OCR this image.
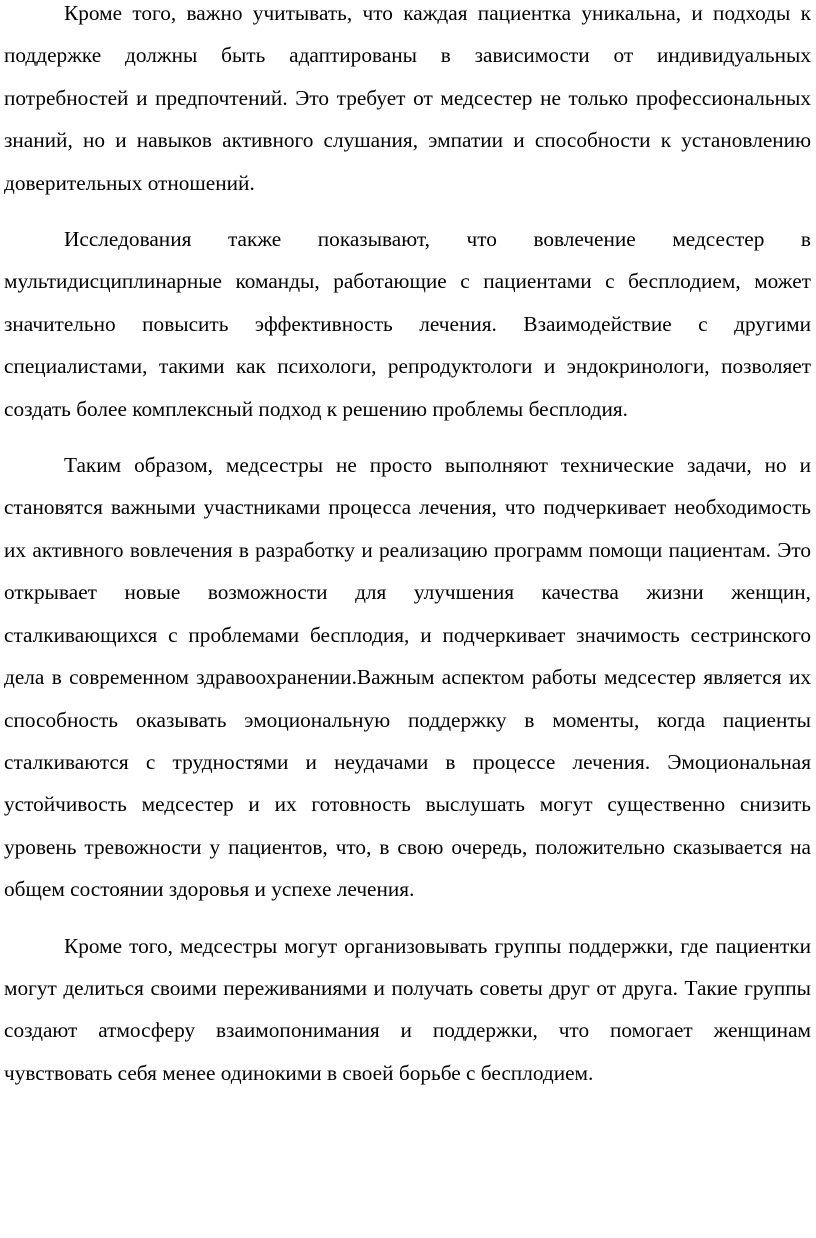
Кроме того, важно учитывать, что каждая пациентка уникальна, и подходы к поддержке должны быть адаптированы в зависимости от индивидуальных потребностей и предпочтений. Это требует от медсестер не только профессиональных знаний, но и навыков активного слушания, эмпатии и способности к установлению доверительных отношений.

Исследования также показывают, что вовлечение медсестер в мультидисциплинарные команды, работающие с пациентами с бесплодием, может значительно повысить эффективность лечения. Взаимодействие с другими специалистами, такими как психологи, репродуктологи и эндокринологи, позволяет создать более комплексный подход к решению проблемы бесплодия.

Таким образом, медсестры не просто выполняют технические задачи, но и становятся важными участниками процесса лечения, что подчеркивает необходимость их активного вовлечения в разработку и реализацию программ помощи пациентам. Это открывает новые возможности для улучшения качества жизни женщин, сталкивающихся с проблемами бесплодия, и подчеркивает значимость сестринского дела в современном здравоохранении.Важным аспектом работы медсестер является их способность оказывать эмоциональную поддержку в моменты, когда пациенты сталкиваются с трудностями и неудачами в процессе лечения. Эмоциональная устойчивость медсестер и их готовность выслушать могут существенно снизить уровень тревожности у пациентов, что, в свою очередь, положительно сказывается на общем состоянии здоровья и успехе лечения.

Кроме того, медсестры могут организовывать группы поддержки, где пациентки могут делиться своими переживаниями и получать советы друг от друга. Такие группы создают атмосферу взаимопонимания и поддержки, что помогает женщинам чувствовать себя менее одинокими в своей борьбе с бесплодием.
